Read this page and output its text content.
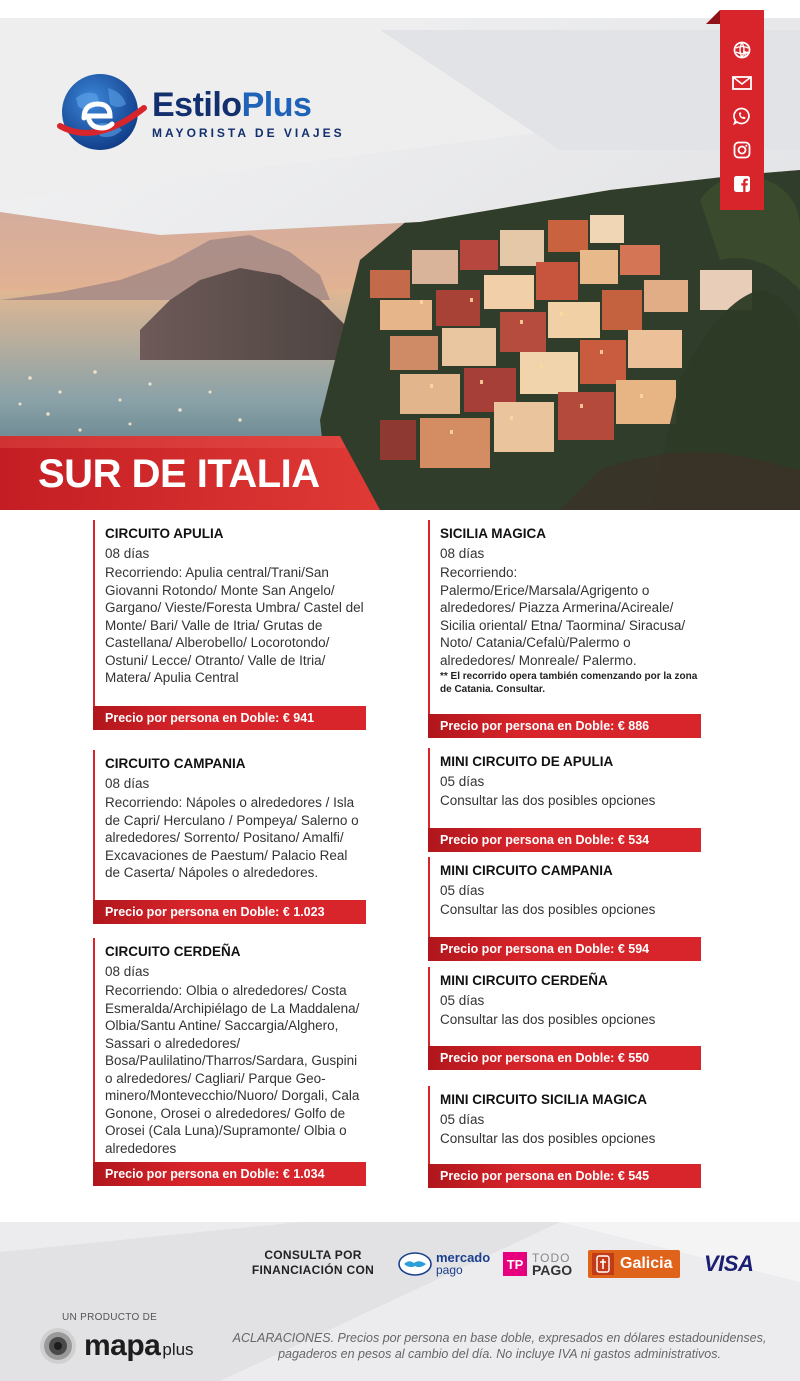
EstiloPlus
MAYORISTA DE VIAJES
SUR DE ITALIA
CIRCUITO APULIA
08 días
Recorriendo: Apulia central/Trani/San Giovanni Rotondo/ Monte San Angelo/ Gargano/ Vieste/Foresta Umbra/ Castel del Monte/ Bari/ Valle de Itria/ Grutas de Castellana/ Alberobello/ Locorotondo/ Ostuni/ Lecce/ Otranto/ Valle de Itria/ Matera/ Apulia Central
Precio por persona en Doble: € 941
CIRCUITO CAMPANIA
08 días
Recorriendo: Nápoles o alrededores / Isla de Capri/ Herculano / Pompeya/ Salerno o alrededores/ Sorrento/ Positano/ Amalfi/ Excavaciones de Paestum/ Palacio Real de Caserta/ Nápoles o alrededores.
Precio por persona en Doble: € 1.023
CIRCUITO CERDEÑA
08 días
Recorriendo: Olbia o alrededores/ Costa Esmeralda/Archipiélago de La Maddalena/ Olbia/Santu Antine/ Saccargia/Alghero, Sassari o alrededores/ Bosa/Paulilatino/Tharros/Sardara, Guspini o alrededores/ Cagliari/ Parque Geo-minero/Montevecchio/Nuoro/ Dorgali, Cala Gonone, Orosei o alrededores/ Golfo de Orosei (Cala Luna)/Supramonte/ Olbia o alrededores
Precio por persona en Doble: € 1.034
SICILIA MAGICA
08 días
Recorriendo: Palermo/Erice/Marsala/Agrigento o alrededores/ Piazza Armerina/Acireale/ Sicilia oriental/ Etna/ Taormina/ Siracusa/ Noto/ Catania/Cefalù/Palermo o alrededores/ Monreale/ Palermo.
** El recorrido opera también comenzando por la zona de Catania. Consultar.
Precio por persona en Doble: € 886
MINI CIRCUITO DE APULIA
05 días
Consultar las dos posibles opciones
Precio por persona en Doble: € 534
MINI CIRCUITO CAMPANIA
05 días
Consultar las dos posibles opciones
Precio por persona en Doble: € 594
MINI CIRCUITO CERDEÑA
05 días
Consultar las dos posibles opciones
Precio por persona en Doble: € 550
MINI CIRCUITO SICILIA MAGICA
05 días
Consultar las dos posibles opciones
Precio por persona en Doble: € 545
CONSULTA POR
FINANCIACIÓN CON
mercado
pago	TP TODO
PAGO	Galicia VISA
UN PRODUCTO DE
mapa plus
ACLARACIONES. Precios por persona en base doble, expresados en dólares estadounidenses, pagaderos en pesos al cambio del día. No incluye IVA ni gastos administrativos.
